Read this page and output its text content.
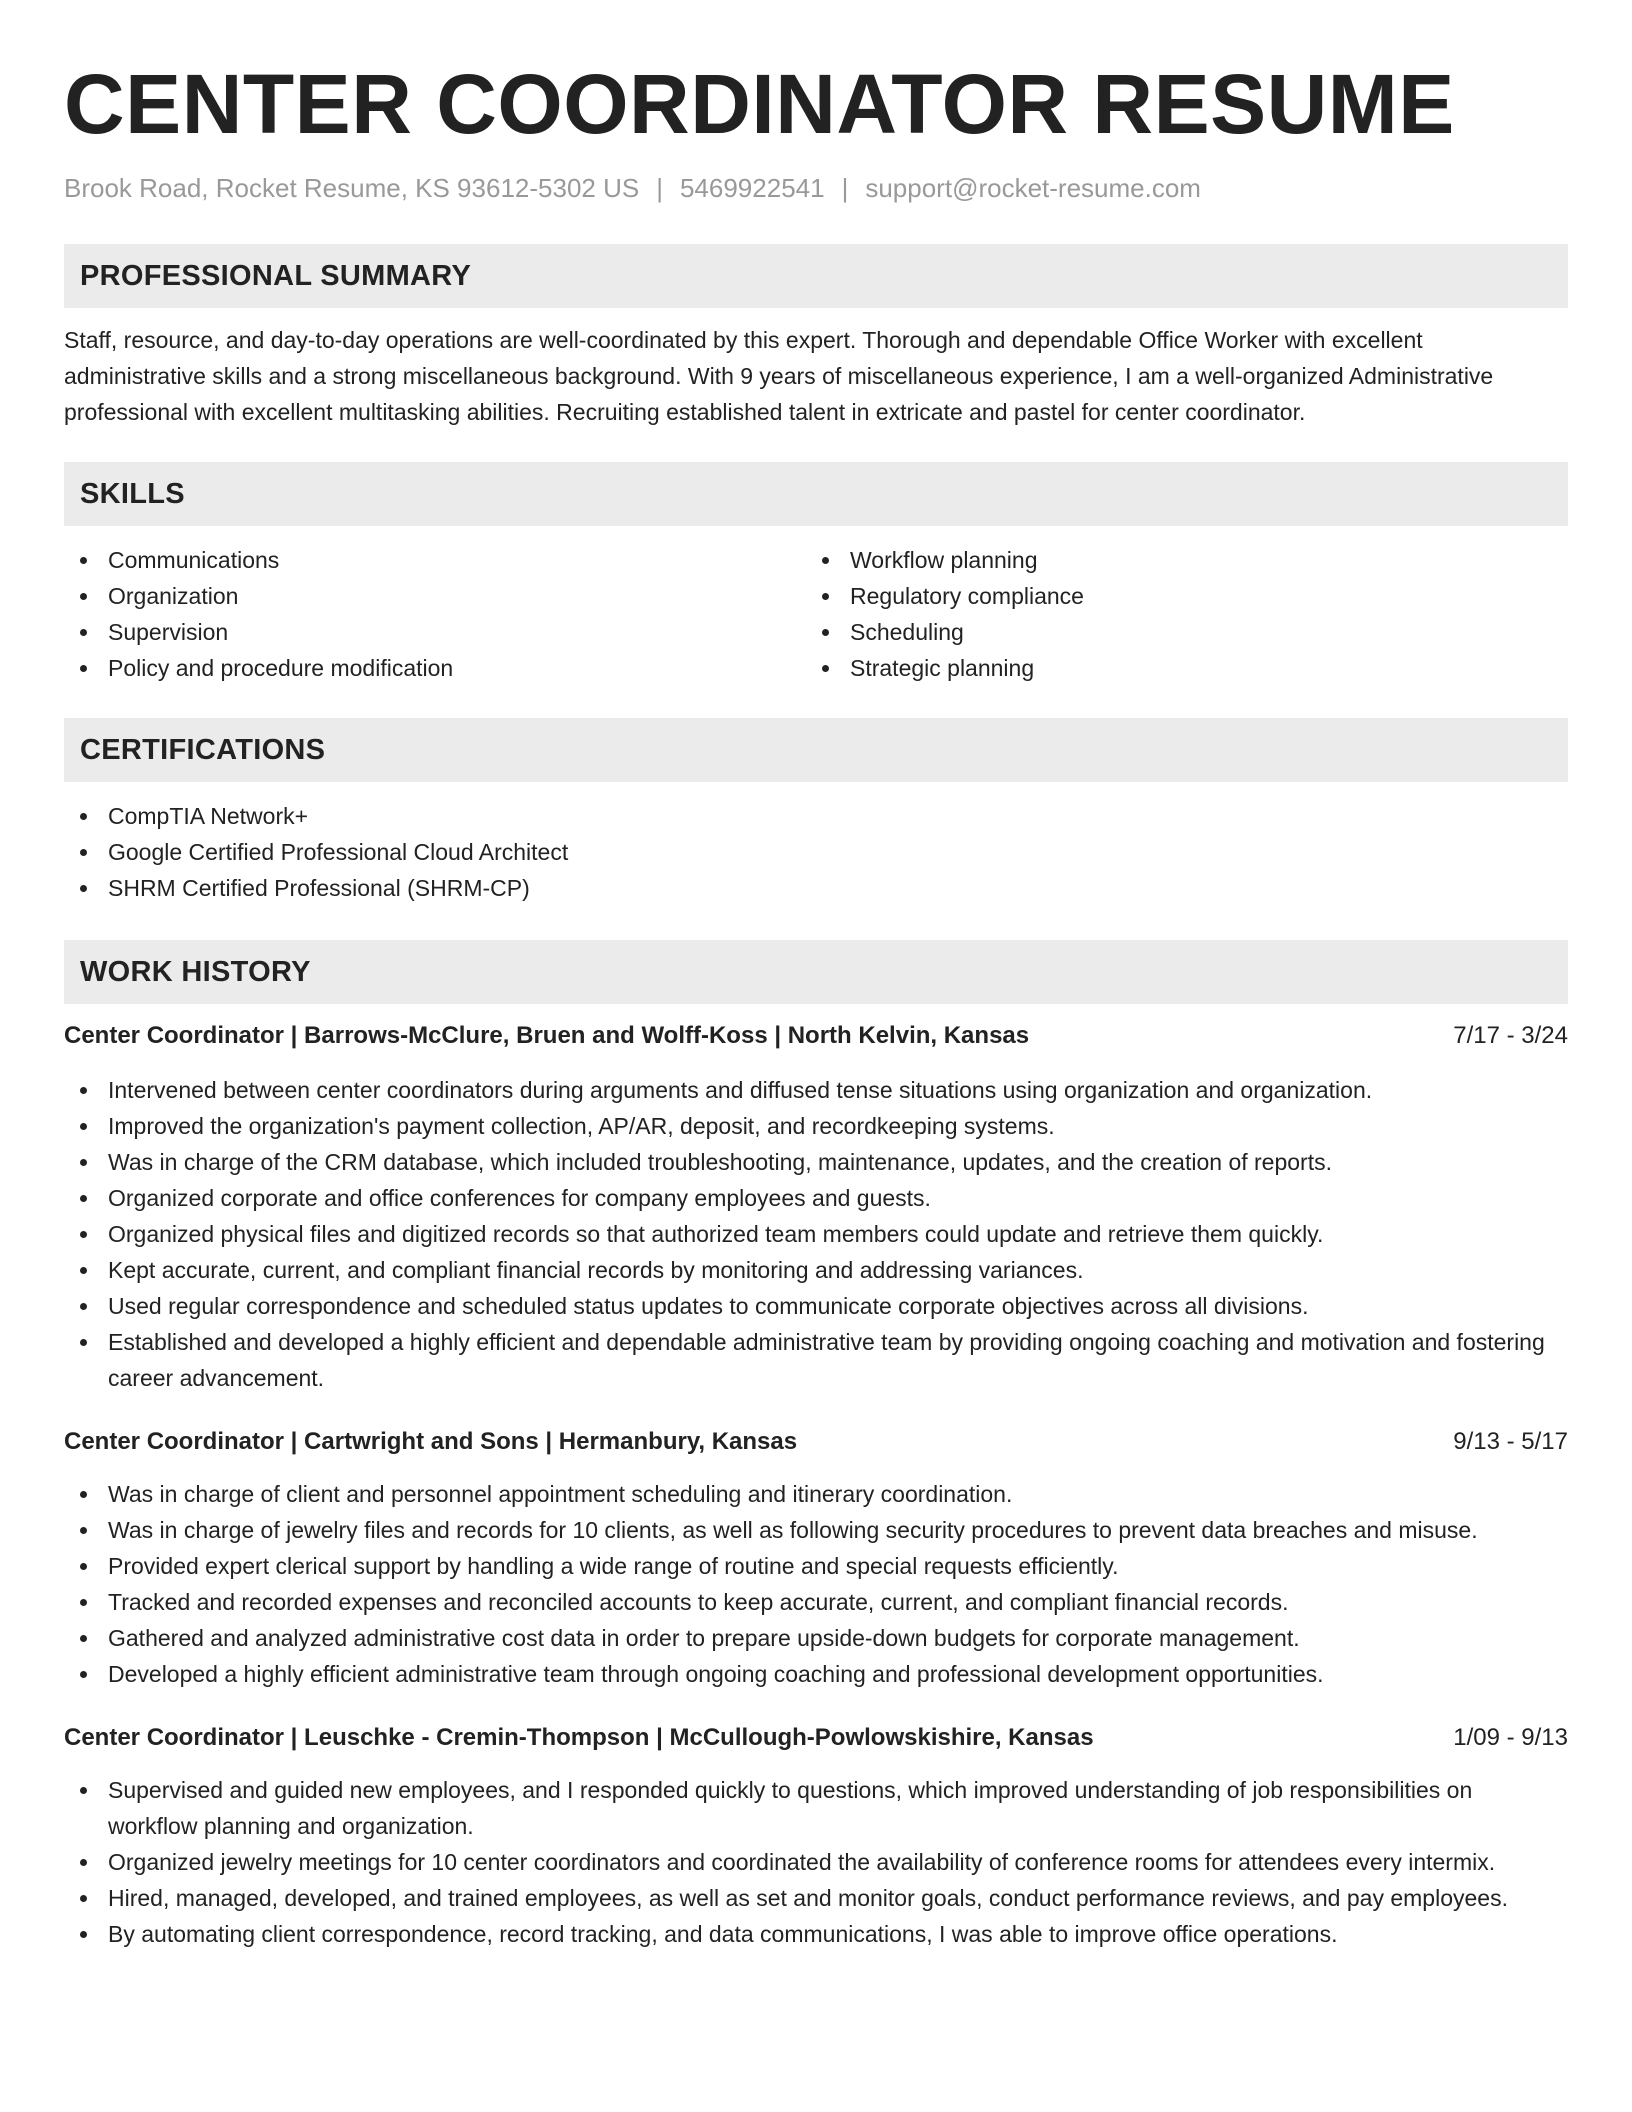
CENTER COORDINATOR RESUME
Brook Road, Rocket Resume, KS 93612-5302 US | 5469922541 | support@rocket-resume.com
PROFESSIONAL SUMMARY

Staff, resource, and day-to-day operations are well-coordinated by this expert. Thorough and dependable Office Worker with excellent administrative skills and a strong miscellaneous background. With 9 years of miscellaneous experience, I am a well-organized Administrative professional with excellent multitasking abilities. Recruiting established talent in extricate and pastel for center coordinator.

SKILLS
Communications
Organization
Supervision
Policy and procedure modification
Workflow planning
Regulatory compliance
Scheduling
Strategic planning
CERTIFICATIONS
CompTIA Network+
Google Certified Professional Cloud Architect
SHRM Certified Professional (SHRM-CP)
WORK HISTORY
Center Coordinator | Barrows-McClure, Bruen and Wolff-Koss | North Kelvin, Kansas	7/17 - 3/24
Intervened between center coordinators during arguments and diffused tense situations using organization and organization.
Improved the organization's payment collection, AP/AR, deposit, and recordkeeping systems.
Was in charge of the CRM database, which included troubleshooting, maintenance, updates, and the creation of reports.
Organized corporate and office conferences for company employees and guests.
Organized physical files and digitized records so that authorized team members could update and retrieve them quickly.
Kept accurate, current, and compliant financial records by monitoring and addressing variances.
Used regular correspondence and scheduled status updates to communicate corporate objectives across all divisions.
Established and developed a highly efficient and dependable administrative team by providing ongoing coaching and motivation and fostering career advancement.
Center Coordinator | Cartwright and Sons | Hermanbury, Kansas	9/13 - 5/17
Was in charge of client and personnel appointment scheduling and itinerary coordination.
Was in charge of jewelry files and records for 10 clients, as well as following security procedures to prevent data breaches and misuse.
Provided expert clerical support by handling a wide range of routine and special requests efficiently.
Tracked and recorded expenses and reconciled accounts to keep accurate, current, and compliant financial records.
Gathered and analyzed administrative cost data in order to prepare upside-down budgets for corporate management.
Developed a highly efficient administrative team through ongoing coaching and professional development opportunities.
Center Coordinator | Leuschke - Cremin-Thompson | McCullough-Powlowskishire, Kansas	1/09 - 9/13
Supervised and guided new employees, and I responded quickly to questions, which improved understanding of job responsibilities on workflow planning and organization.
Organized jewelry meetings for 10 center coordinators and coordinated the availability of conference rooms for attendees every intermix.
Hired, managed, developed, and trained employees, as well as set and monitor goals, conduct performance reviews, and pay employees.
By automating client correspondence, record tracking, and data communications, I was able to improve office operations.
